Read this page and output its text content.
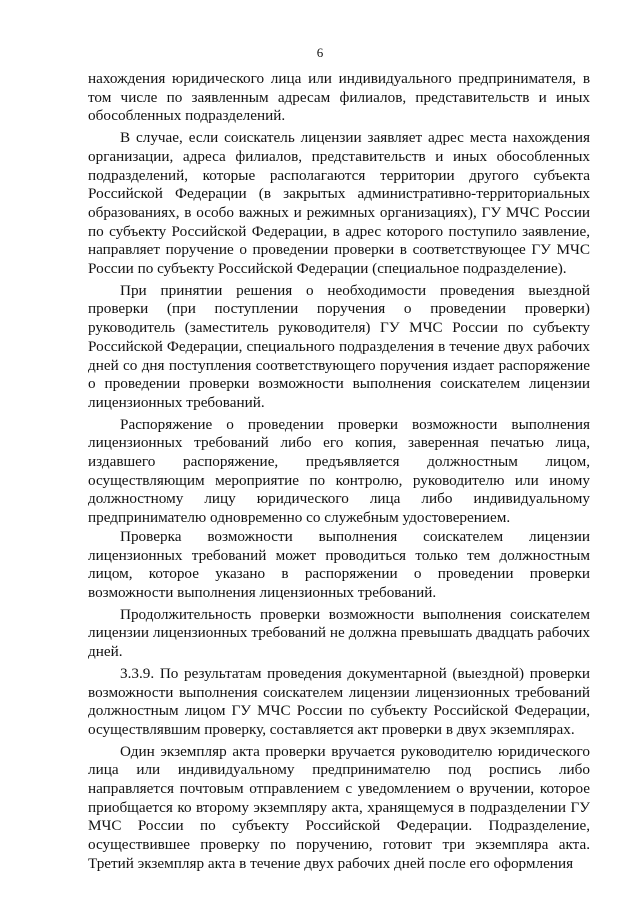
6

нахождения юридического лица или индивидуального предпринимателя, в том числе по заявленным адресам филиалов, представительств и иных обособленных подразделений.

В случае, если соискатель лицензии заявляет адрес места нахождения организации, адреса филиалов, представительств и иных обособленных подразделений, которые располагаются территории другого субъекта Российской Федерации (в закрытых административно-территориальных образованиях, в особо важных и режимных организациях), ГУ МЧС России по субъекту Российской Федерации, в адрес которого поступило заявление, направляет поручение о проведении проверки в соответствующее ГУ МЧС России по субъекту Российской Федерации (специальное подразделение).

При принятии решения о необходимости проведения выездной проверки (при поступлении поручения о проведении проверки) руководитель (заместитель руководителя) ГУ МЧС России по субъекту Российской Федерации, специального подразделения в течение двух рабочих дней со дня поступления соответствующего поручения издает распоряжение о проведении проверки возможности выполнения соискателем лицензии лицензионных требований.

Распоряжение о проведении проверки возможности выполнения лицензионных требований либо его копия, заверенная печатью лица, издавшего распоряжение, предъявляется должностным лицом, осуществляющим мероприятие по контролю, руководителю или иному должностному лицу юридического лица либо индивидуальному предпринимателю одновременно со служебным удостоверением.

Проверка возможности выполнения соискателем лицензии лицензионных требований может проводиться только тем должностным лицом, которое указано в распоряжении о проведении проверки возможности выполнения лицензионных требований.

Продолжительность проверки возможности выполнения соискателем лицензии лицензионных требований не должна превышать двадцать рабочих дней.

3.3.9. По результатам проведения документарной (выездной) проверки возможности выполнения соискателем лицензии лицензионных требований должностным лицом ГУ МЧС России по субъекту Российской Федерации, осуществлявшим проверку, составляется акт проверки в двух экземплярах.

Один экземпляр акта проверки вручается руководителю юридического лица или индивидуальному предпринимателю под роспись либо направляется почтовым отправлением с уведомлением о вручении, которое приобщается ко второму экземпляру акта, хранящемуся в подразделении ГУ МЧС России по субъекту Российской Федерации. Подразделение, осуществившее проверку по поручению, готовит три экземпляра акта. Третий экземпляр акта в течение двух рабочих дней после его оформления
